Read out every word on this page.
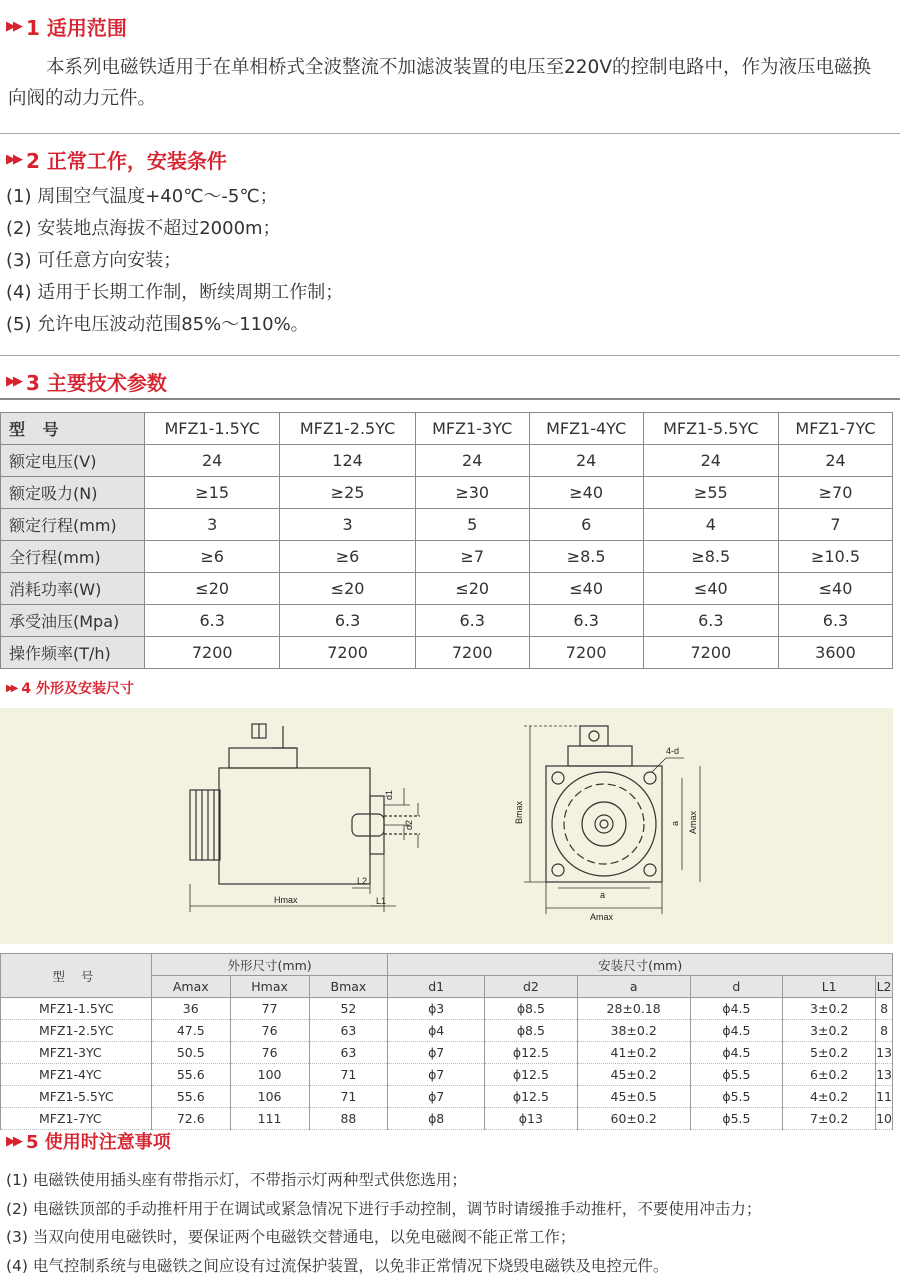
▶▶ 1 适用范围
本系列电磁铁适用于在单相桥式全波整流不加滤波装置的电压至220V的控制电路中，作为液压电磁换向阀的动力元件。
▶▶ 2 正常工作，安装条件
(1) 周围空气温度+40℃～-5℃；
(2) 安装地点海拔不超过2000m；
(3) 可任意方向安装；
(4) 适用于长期工作制，断续周期工作制；
(5) 允许电压波动范围85%～110%。
▶▶ 3 主要技术参数
型 号	MFZ1-1.5YC	MFZ1-2.5YC	MFZ1-3YC	MFZ1-4YC	MFZ1-5.5YC	MFZ1-7YC
额定电压(V)	24	124	24	24	24	24
额定吸力(N)	≥15	≥25	≥30	≥40	≥55	≥70
额定行程(mm)	3	3	5	6	4	7
全行程(mm)	≥6	≥6	≥7	≥8.5	≥8.5	≥10.5
消耗功率(W)	≤20	≤20	≤20	≤40	≤40	≤40
承受油压(Mpa)	6.3	6.3	6.3	6.3	6.3	6.3
操作频率(T/h)	7200	7200	7200	7200	7200	3600
▶▶ 4 外形及安装尺寸
d1
d2
L2
Hmax	L1
4-d
Bmax	a Amax
a
Amax
型 号	外形尺寸(mm)			安装尺寸(mm)					
	Amax	Hmax	Bmax	d1	d2	a	d	L1	L2
MFZ1-1.5YC	36	77	52	ϕ3	ϕ8.5	28±0.18	ϕ4.5	3±0.2	8
MFZ1-2.5YC	47.5	76	63	ϕ4	ϕ8.5	38±0.2	ϕ4.5	3±0.2	8
MFZ1-3YC	50.5	76	63	ϕ7	ϕ12.5	41±0.2	ϕ4.5	5±0.2	13
MFZ1-4YC	55.6	100	71	ϕ7	ϕ12.5	45±0.2	ϕ5.5	6±0.2	13
MFZ1-5.5YC	55.6	106	71	ϕ7	ϕ12.5	45±0.5	ϕ5.5	4±0.2	11
MFZ1-7YC	72.6	111	88	ϕ8	ϕ13	60±0.2	ϕ5.5	7±0.2	10
▶▶ 5 使用时注意事项
(1) 电磁铁使用插头座有带指示灯，不带指示灯两种型式供您选用；
(2) 电磁铁顶部的手动推杆用于在调试或紧急情况下进行手动控制，调节时请缓推手动推杆，不要使用冲击力；
(3) 当双向使用电磁铁时，要保证两个电磁铁交替通电，以免电磁阀不能正常工作；
(4) 电气控制系统与电磁铁之间应设有过流保护装置，以免非正常情况下烧毁电磁铁及电控元件。
